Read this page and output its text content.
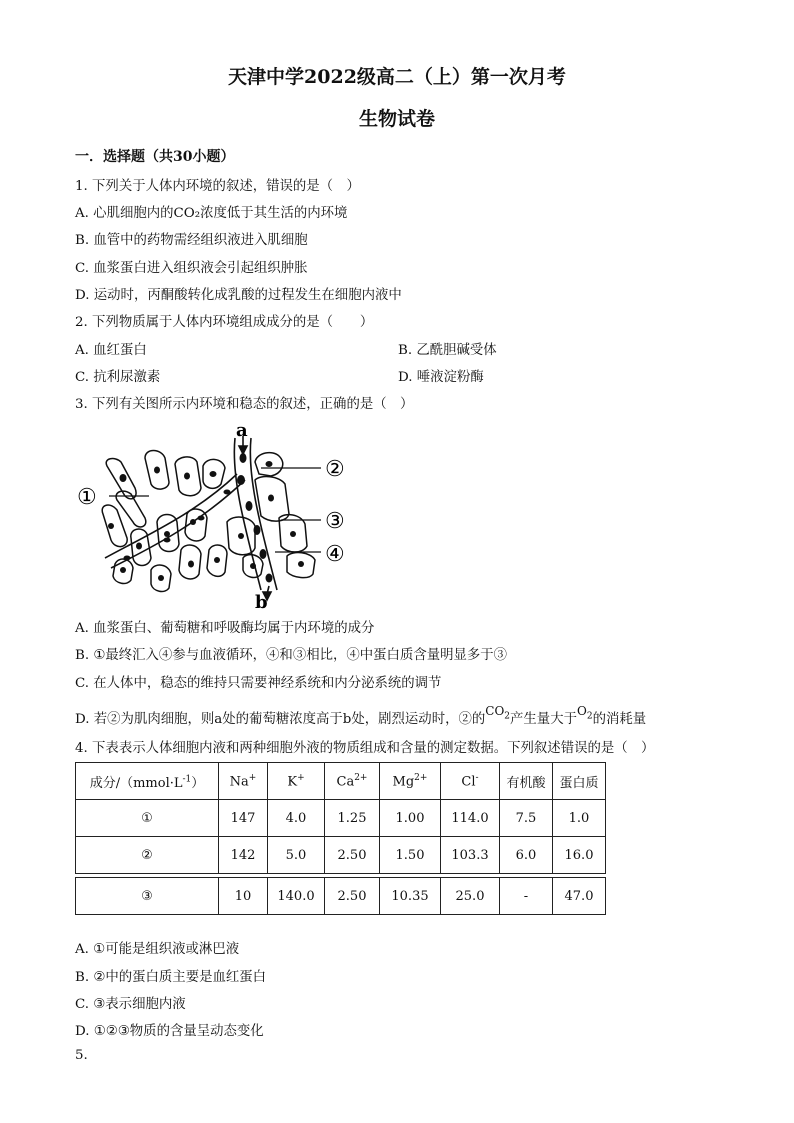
天津中学2022级高二（上）第一次月考
生物试卷
一．选择题（共30小题）
1. 下列关于人体内环境的叙述，错误的是（　）
A. 心肌细胞内的CO₂浓度低于其生活的内环境
B. 血管中的药物需经组织液进入肌细胞
C. 血浆蛋白进入组织液会引起组织肿胀
D. 运动时，丙酮酸转化成乳酸的过程发生在细胞内液中
2. 下列物质属于人体内环境组成成分的是（　　）
A. 血红蛋白	B. 乙酰胆碱受体
C. 抗利尿激素	D. 唾液淀粉酶
3. 下列有关图所示内环境和稳态的叙述，正确的是（　）
a
b
①
②
③
④
A. 血浆蛋白、葡萄糖和呼吸酶均属于内环境的成分
B. ①最终汇入④参与血液循环，④和③相比，④中蛋白质含量明显多于③
C. 在人体中，稳态的维持只需要神经系统和内分泌系统的调节
D. 若②为肌肉细胞，则a处的葡萄糖浓度高于b处，剧烈运动时，②的$CO_2$产生量大于$O_2$的消耗量
4. 下表表示人体细胞内液和两种细胞外液的物质组成和含量的测定数据。下列叙述错误的是（　）
成分$/(mmol\cdot L^{-1})$	Na+	K+	$Ca^{2+}$	$Mg^{2+}$	Cl-	有机酸	蛋白质
①	147	4.0	1.25	1.00	114.0	7.5	1.0
②	142	5.0	2.50	1.50	103.3	6.0	16.0

③	10	140.0	2.50	10.35	25.0	-	47.0
A. ①可能是组织液或淋巴液
B. ②中的蛋白质主要是血红蛋白
C. ③表示细胞内液
D. ①②③物质的含量呈动态变化
5.
